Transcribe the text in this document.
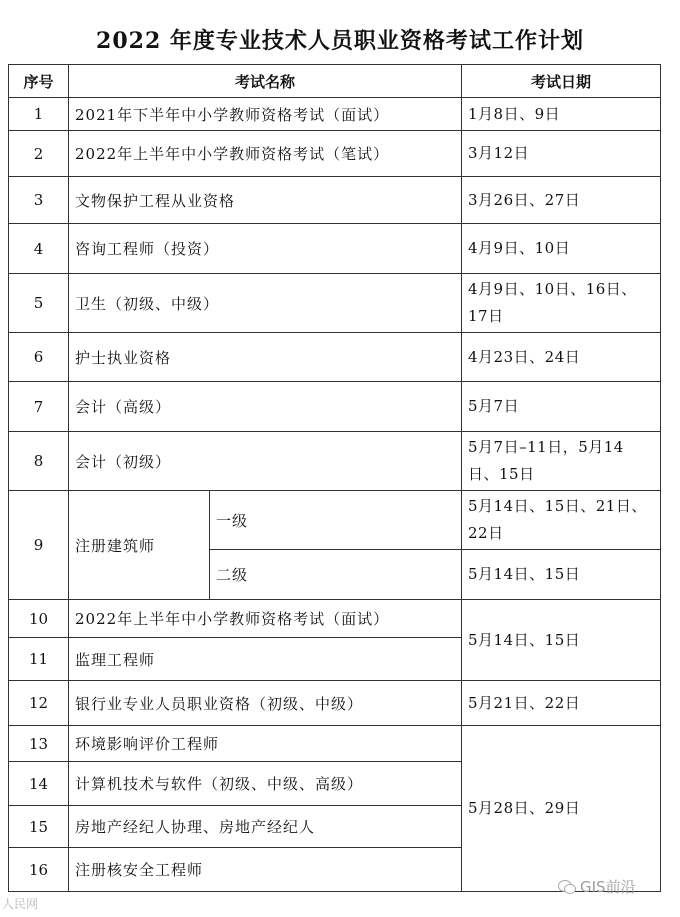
2022 年度专业技术人员职业资格考试工作计划
序号	考试名称		考试日期
1	2021年下半年中小学教师资格考试（面试）		1月8日、9日
2	2022年上半年中小学教师资格考试（笔试）		3月12日
3	文物保护工程从业资格		3月26日、27日
4	咨询工程师（投资）		4月9日、10日
5	卫生（初级、中级）		4月9日、10日、16日、17日
6	护士执业资格		4月23日、24日
7	会计（高级）		5月7日
8	会计（初级）		5月7日–11日，5月14日、15日
9	注册建筑师	一级	5月14日、15日、21日、22日
		二级	5月14日、15日
10	2022年上半年中小学教师资格考试（面试）		5月14日、15日
11	监理工程师		
12	银行业专业人员职业资格（初级、中级）		5月21日、22日
13	环境影响评价工程师		5月28日、29日
14	计算机技术与软件（初级、中级、高级）		
15	房地产经纪人协理、房地产经纪人		
16	注册核安全工程师		
人民网
GIS前沿
